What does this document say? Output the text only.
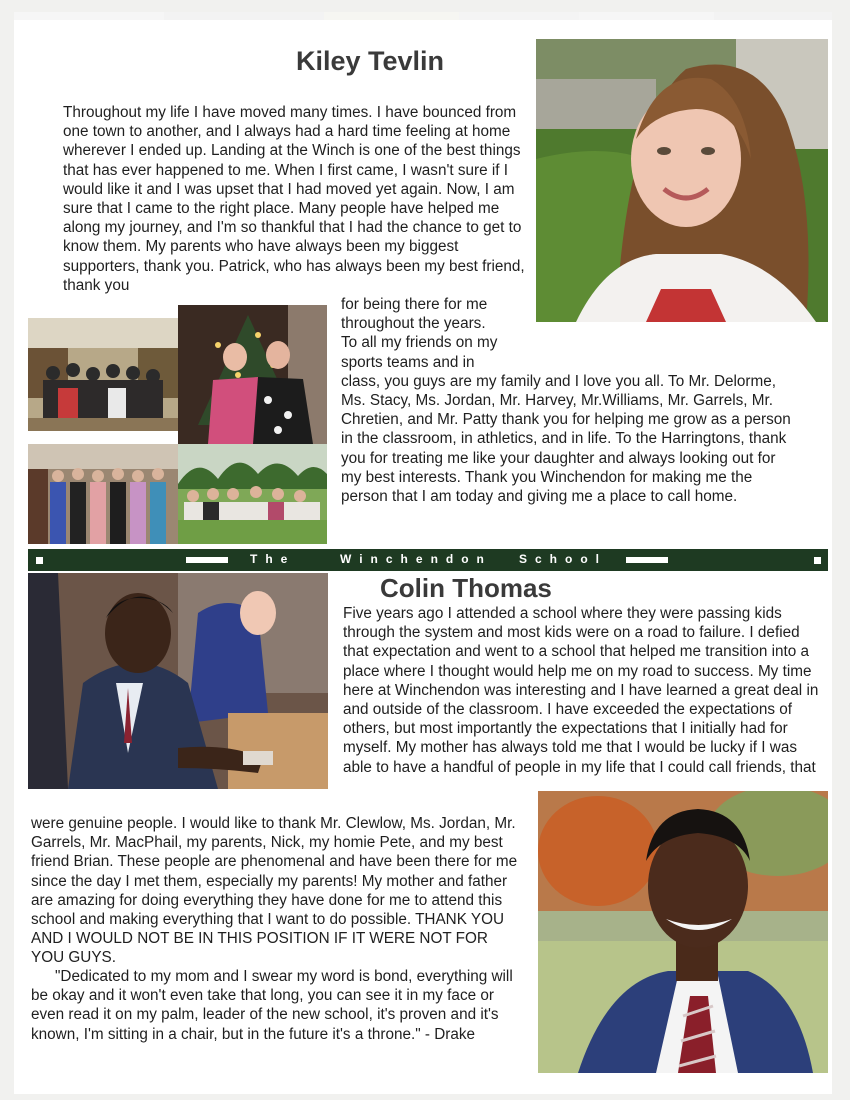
Kiley Tevlin

Throughout my life I have moved many times. I have bounced from one town to another, and I always had a hard time feeling at home wherever I ended up. Landing at the Winch is one of the best things that has ever happened to me. When I first came, I wasn't sure if I would like it and I was upset that I had moved yet again. Now, I am sure that I came to the right place. Many people have helped me along my journey, and I'm so thankful that I had the chance to get to know them. My parents who have always been my biggest supporters, thank you. Patrick, who has always been my best friend, thank you

for being there for me throughout the years. To all my friends on my sports teams and in class, you guys are my family and I love you all. To Mr. Delorme, Ms. Stacy, Ms. Jordan, Mr. Harvey, Mr.Williams, Mr. Garrels, Mr. Chretien, and Mr. Patty thank you for helping me grow as a person in the classroom, in athletics, and in life. To the Harringtons, thank you for treating me like your daughter and always looking out for my best interests. Thank you Winchendon for making me the person that I am today and giving me a place to call home.

The	Winchendon School
Colin Thomas

Five years ago I attended a school where they were passing kids through the system and most kids were on a road to failure. I defied that expectation and went to a school that helped me transition into a place where I thought would help me on my road to success. My time here at Winchendon was interesting and I have learned a great deal in and outside of the classroom. I have exceeded the expectations of others, but most importantly the expectations that I initially had for myself. My mother has always told me that I would be lucky if I was able to have a handful of people in my life that I could call friends, that

were genuine people. I would like to thank Mr. Clewlow, Ms. Jordan, Mr. Garrels, Mr. MacPhail, my parents, Nick, my homie Pete, and my best friend Brian. These people are phenomenal and have been there for me since the day I met them, especially my parents! My mother and father are amazing for doing everything they have done for me to attend this school and making everything that I want to do possible. THANK YOU AND I WOULD NOT BE IN THIS POSITION IF IT WERE NOT FOR YOU GUYS.

"Dedicated to my mom and I swear my word is bond, everything will be okay and it won't even take that long, you can see it in my face or even read it on my palm, leader of the new school, it's proven and it's known, I'm sitting in a chair, but in the future it's a throne." - Drake
